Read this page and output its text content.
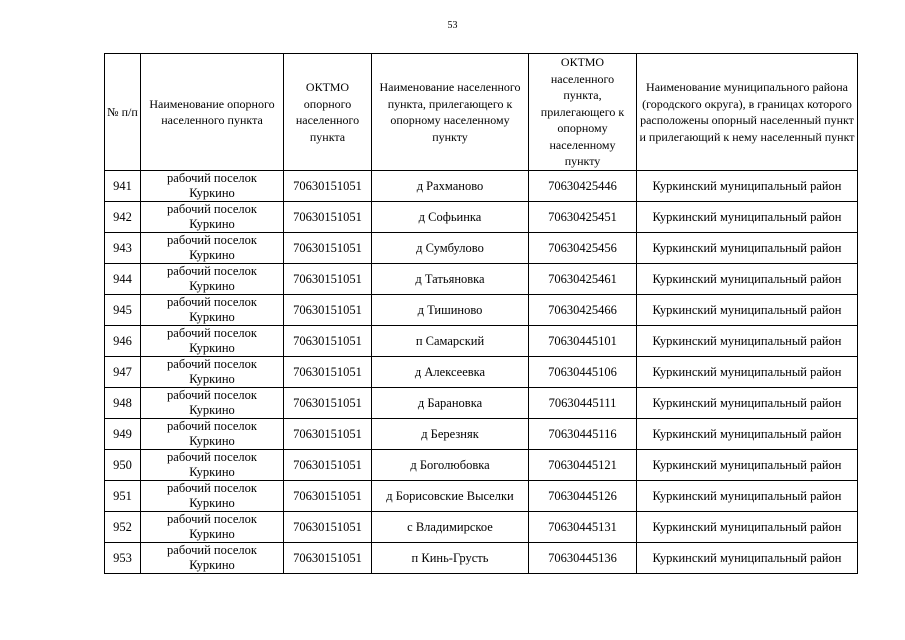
53
№ п/п	Наименование опорного населенного пункта	ОКТМО опорного населенного пункта	Наименование населенного пункта, прилегающего к опорному населенному пункту	ОКТМО населенного пункта, прилегающего к опорному населенному пункту	Наименование муниципального района (городского округа), в границах которого расположены опорный населенный пункт и прилегающий к нему населенный пункт
941	рабочий поселок Куркино	70630151051	д Рахманово	70630425446	Куркинский муниципальный район
942	рабочий поселок Куркино	70630151051	д Софьинка	70630425451	Куркинский муниципальный район
943	рабочий поселок Куркино	70630151051	д Сумбулово	70630425456	Куркинский муниципальный район
944	рабочий поселок Куркино	70630151051	д Татьяновка	70630425461	Куркинский муниципальный район
945	рабочий поселок Куркино	70630151051	д Тишиново	70630425466	Куркинский муниципальный район
946	рабочий поселок Куркино	70630151051	п Самарский	70630445101	Куркинский муниципальный район
947	рабочий поселок Куркино	70630151051	д Алексеевка	70630445106	Куркинский муниципальный район
948	рабочий поселок Куркино	70630151051	д Барановка	70630445111	Куркинский муниципальный район
949	рабочий поселок Куркино	70630151051	д Березняк	70630445116	Куркинский муниципальный район
950	рабочий поселок Куркино	70630151051	д Боголюбовка	70630445121	Куркинский муниципальный район
951	рабочий поселок Куркино	70630151051	д Борисовские Выселки	70630445126	Куркинский муниципальный район
952	рабочий поселок Куркино	70630151051	с Владимирское	70630445131	Куркинский муниципальный район
953	рабочий поселок Куркино	70630151051	п Кинь-Грусть	70630445136	Куркинский муниципальный район
